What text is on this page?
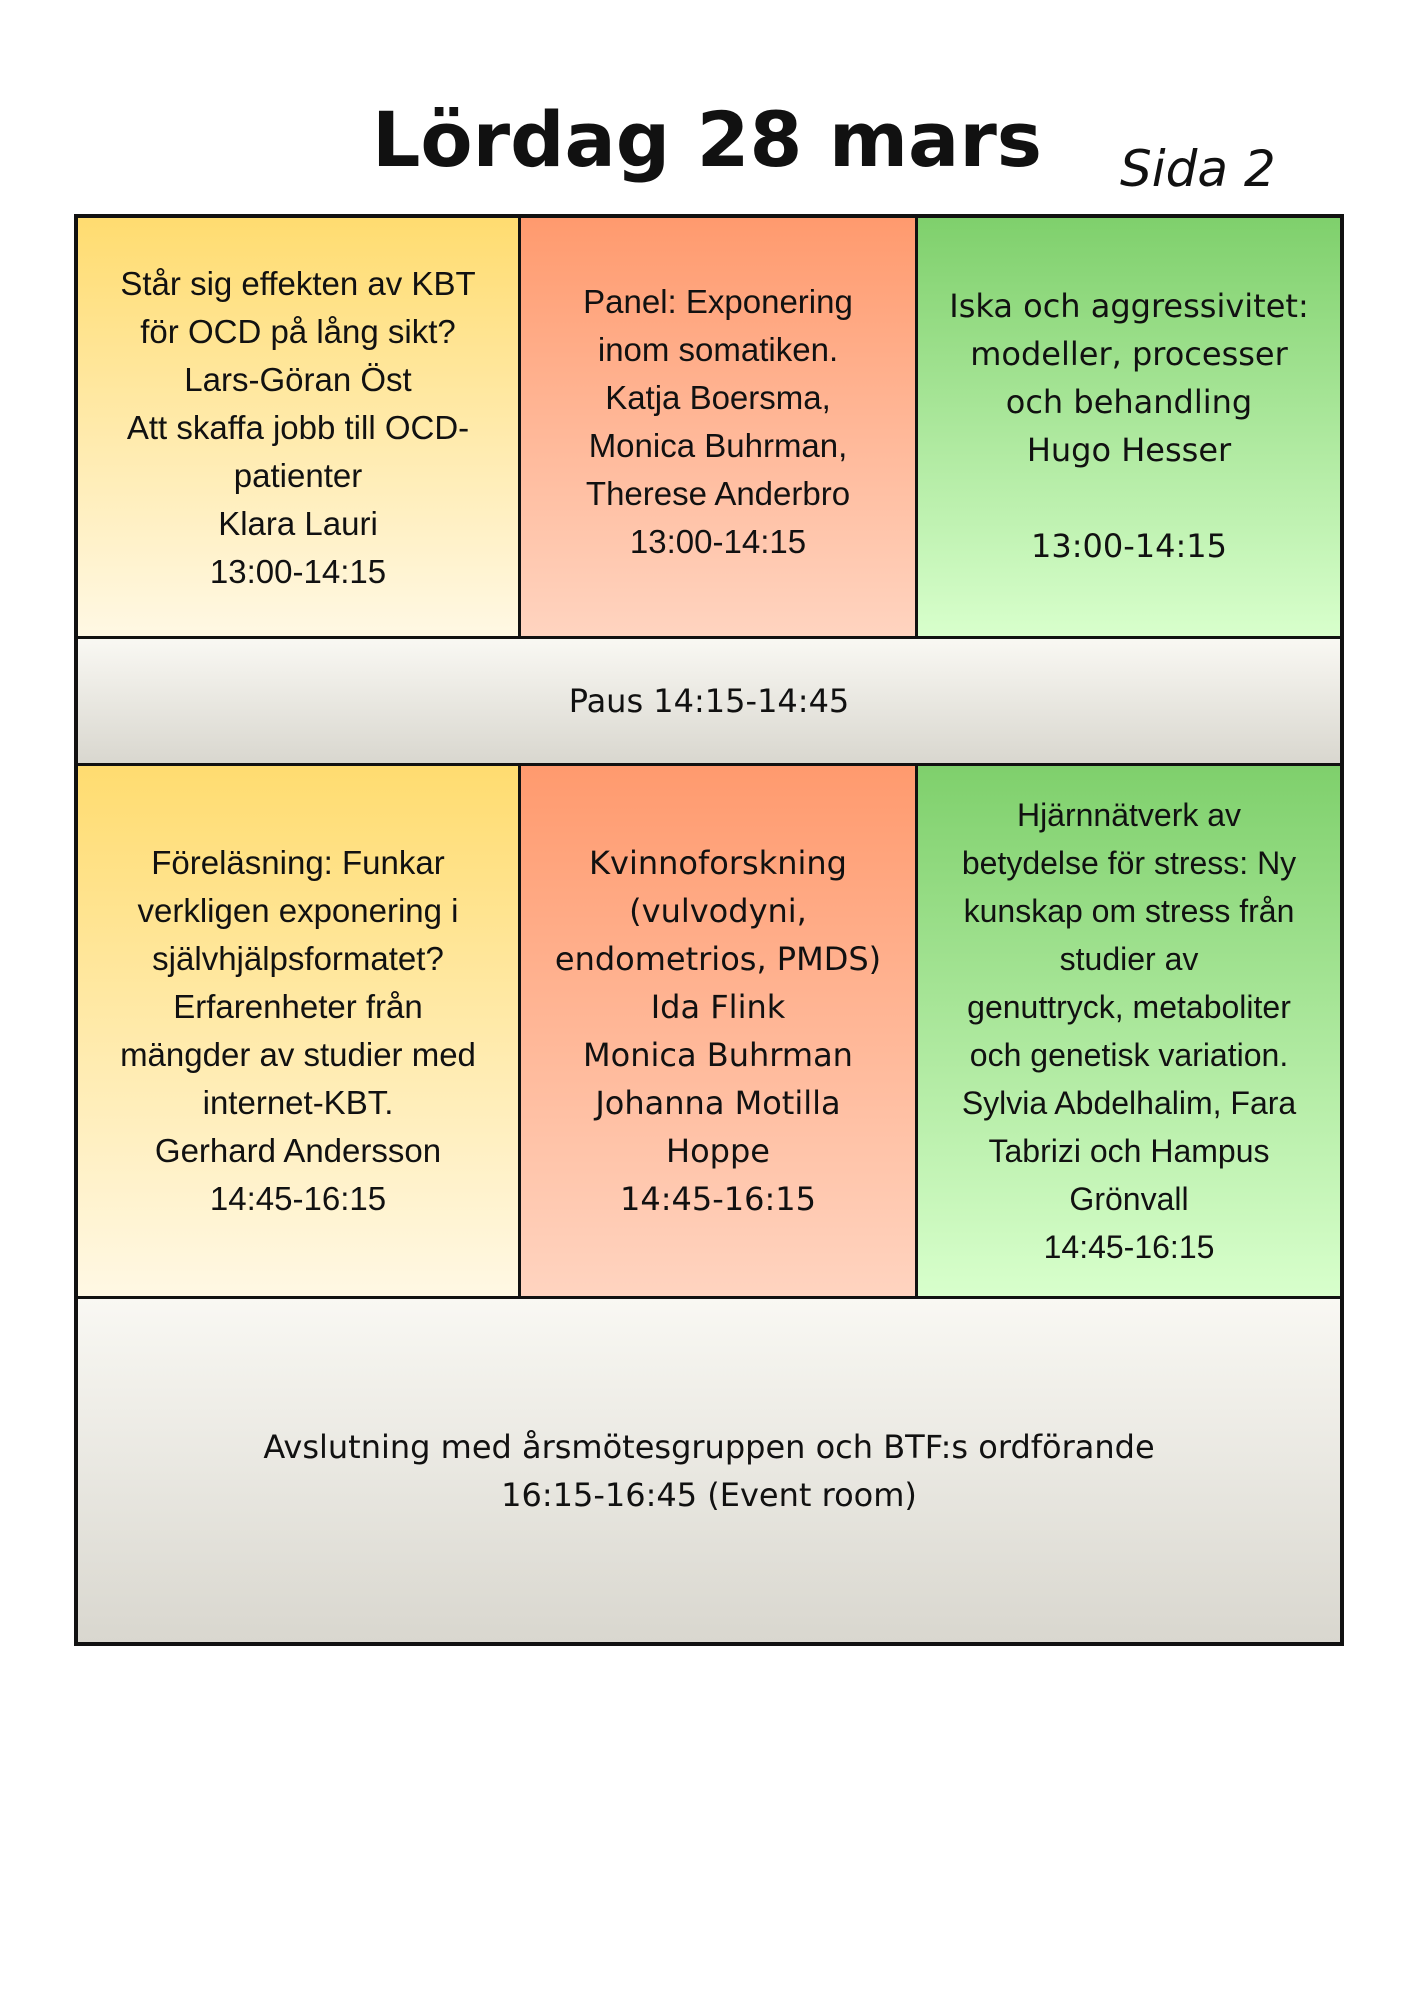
Lördag 28 mars	Sida 2

Står sig effekten av KBT

för OCD på lång sikt?

Lars-Göran Öst

Att skaffa jobb till OCD-

patienter

Klara Lauri

13:00-14:15

Panel: Exponering

inom somatiken.

Katja Boersma,

Monica Buhrman,

Therese Anderbro

13:00-14:15

Iska och aggressivitet:

modeller, processer

och behandling

Hugo Hesser

13:00-14:15

Paus 14:15-14:45

Föreläsning: Funkar

verkligen exponering i

självhjälpsformatet?

Erfarenheter från

mängder av studier med

internet-KBT.

Gerhard Andersson

14:45-16:15

Kvinnoforskning

(vulvodyni,

endometrios, PMDS)

Ida Flink

Monica Buhrman

Johanna Motilla

Hoppe

14:45-16:15

Hjärnnätverk av

betydelse för stress: Ny

kunskap om stress från

studier av

genuttryck, metaboliter

och genetisk variation.

Sylvia Abdelhalim, Fara

Tabrizi och Hampus

Grönvall

14:45-16:15

Avslutning med årsmötesgruppen och BTF:s ordförande

16:15-16:45 (Event room)
